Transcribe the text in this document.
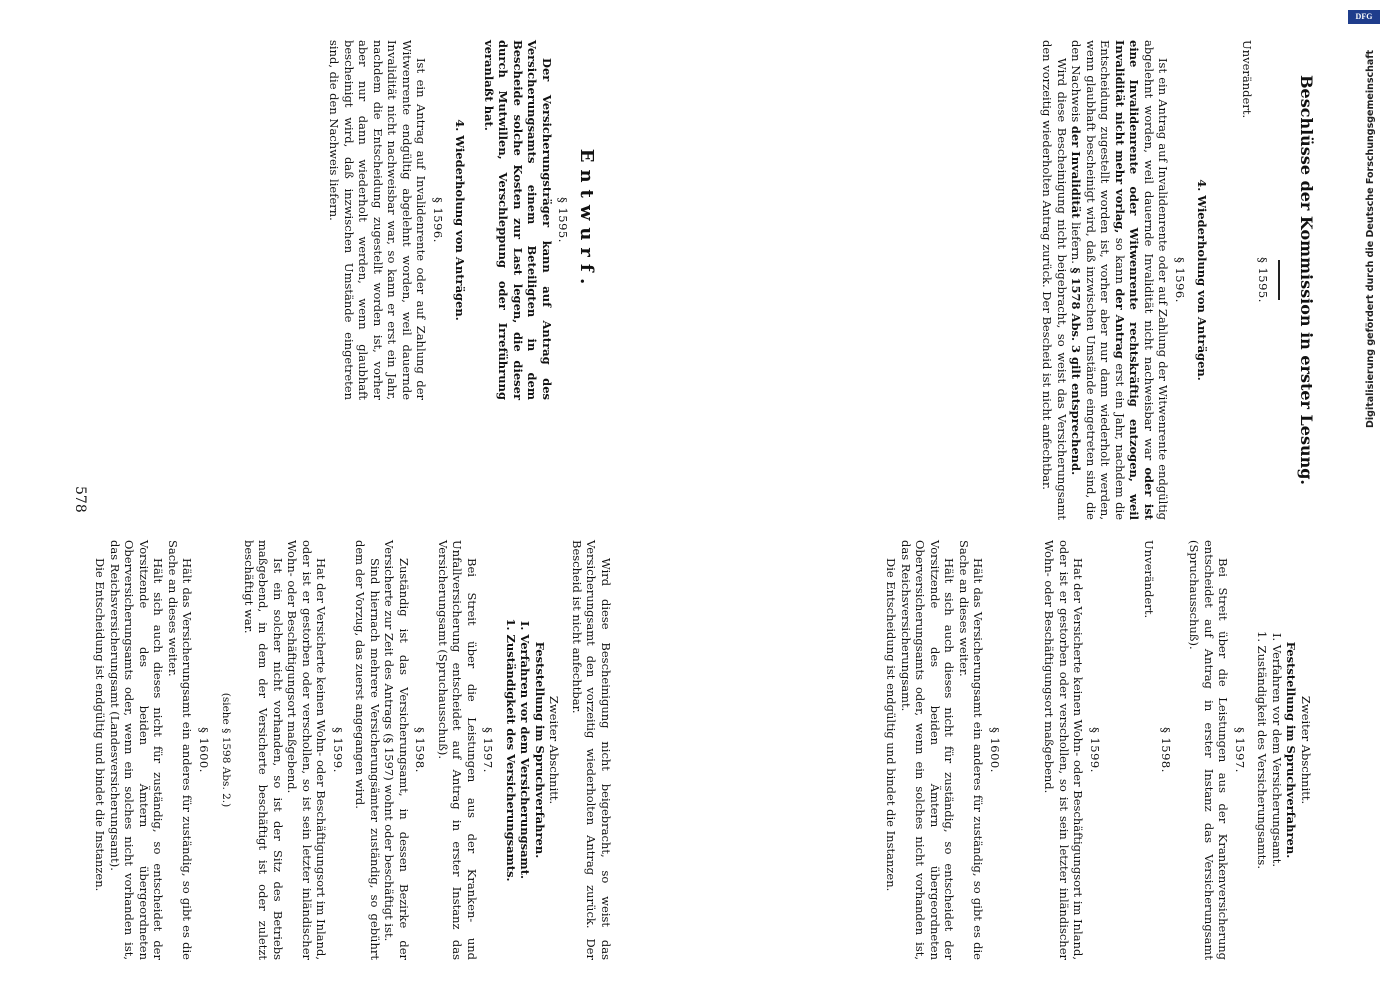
578
Entwurf.
§ 1595.

Der Versicherungsträger kann auf Antrag des Versicherungsamts einem Beteiligten in dem Bescheide solche Kosten zur Last legen, die dieser durch Mutwillen, Verschleppung oder Irreführung veranlaßt hat.

4. Wiederholung von Anträgen.
§ 1596.

Ist ein Antrag auf Invalidenrente oder auf Zahlung der Witwenrente endgültig abgelehnt worden, weil dauernde Invalidität nicht nachweisbar war, so kann er erst ein Jahr, nachdem die Entscheidung zugestellt worden ist, vorher aber nur dann wiederholt werden, wenn glaubhaft bescheinigt wird, daß inzwischen Umstände eingetreten sind, die den Nachweis liefern.

Wird diese Bescheinigung nicht beigebracht, so weist das Versicherungsamt den vorzeitig wiederholten Antrag zurück. Der Bescheid ist nicht anfechtbar.

Zweiter Abschnitt.
Feststellung im Spruchverfahren.
I. Verfahren vor dem Versicherungsamt.
1. Zuständigkeit des Versicherungsamts.
§ 1597.

Bei Streit über die Leistungen aus der Kranken- und Unfallversicherung entscheidet auf Antrag in erster Instanz das Versicherungsamt (Spruchausschuß).

§ 1598.

Zuständig ist das Versicherungsamt, in dessen Bezirke der Versicherte zur Zeit des Antrags (§ 1597) wohnt oder beschäftigt ist.

Sind hiernach mehrere Versicherungsämter zuständig, so gebührt dem der Vorzug, das zuerst angegangen wird.

§ 1599.

Hat der Versicherte keinen Wohn- oder Beschäftigungsort im Inland, oder ist er gestorben oder verschollen, so ist sein letzter inländischer Wohn- oder Beschäftigungsort maßgebend.

Ist ein solcher nicht vorhanden, so ist der Sitz des Betriebs maßgebend, in dem der Versicherte beschäftigt ist oder zuletzt beschäftigt war.

(siehe § 1598 Abs. 2.)
§ 1600.

Hält das Versicherungsamt ein anderes für zuständig, so gibt es die Sache an dieses weiter.

Hält sich auch dieses nicht für zuständig, so entscheidet der Vorsitzende des beiden Ämtern übergeordneten Oberversicherungsamts oder, wenn ein solches nicht vorhanden ist, das Reichsversicherungsamt (Landesversicherungsamt).

Die Entscheidung ist endgültig und bindet die Instanzen.

Beschlüsse der Kommission in erster Lesung.
§ 1595.

Unverändert.

4. Wiederholung von Anträgen.
§ 1596.

Ist ein Antrag auf Invalidenrente oder auf Zahlung der Witwenrente endgültig abgelehnt worden, weil dauernde Invalidität nicht nachweisbar war oder ist eine Invalidenrente oder Witwenrente rechtskräftig entzogen, weil Invalidität nicht mehr vorlag, so kann der Antrag erst ein Jahr, nachdem die Entscheidung zugestellt worden ist, vorher aber nur dann wiederholt werden, wenn glaubhaft bescheinigt wird, daß inzwischen Umstände eingetreten sind, die den Nachweis der Invalidität liefern. § 1578 Abs. 3 gilt entsprechend.

Wird diese Bescheinigung nicht beigebracht, so weist das Versicherungsamt den vorzeitig wiederholten Antrag zurück. Der Bescheid ist nicht anfechtbar.

Zweiter Abschnitt.
Feststellung im Spruchverfahren.
I. Verfahren vor dem Versicherungsamt.
1. Zuständigkeit des Versicherungsamts.
§ 1597.

Bei Streit über die Leistungen aus der Krankenversicherung entscheidet auf Antrag in erster Instanz das Versicherungsamt (Spruchausschuß).

§ 1598.

Unverändert.

§ 1599.

Hat der Versicherte keinen Wohn- oder Beschäftigungsort im Inland, oder ist er gestorben oder verschollen, so ist sein letzter inländischer Wohn- oder Beschäftigungsort maßgebend.

§ 1600.

Hält das Versicherungsamt ein anderes für zuständig, so gibt es die Sache an dieses weiter.

Hält sich auch dieses nicht für zuständig, so entscheidet der Vorsitzende des beiden Ämtern übergeordneten Oberversicherungsamts oder, wenn ein solches nicht vorhanden ist, das Reichsversicherungsamt.

Die Entscheidung ist endgültig und bindet die Instanzen.

DFG
Digitalisierung gefördert durch die Deutsche Forschungsgemeinschaft
